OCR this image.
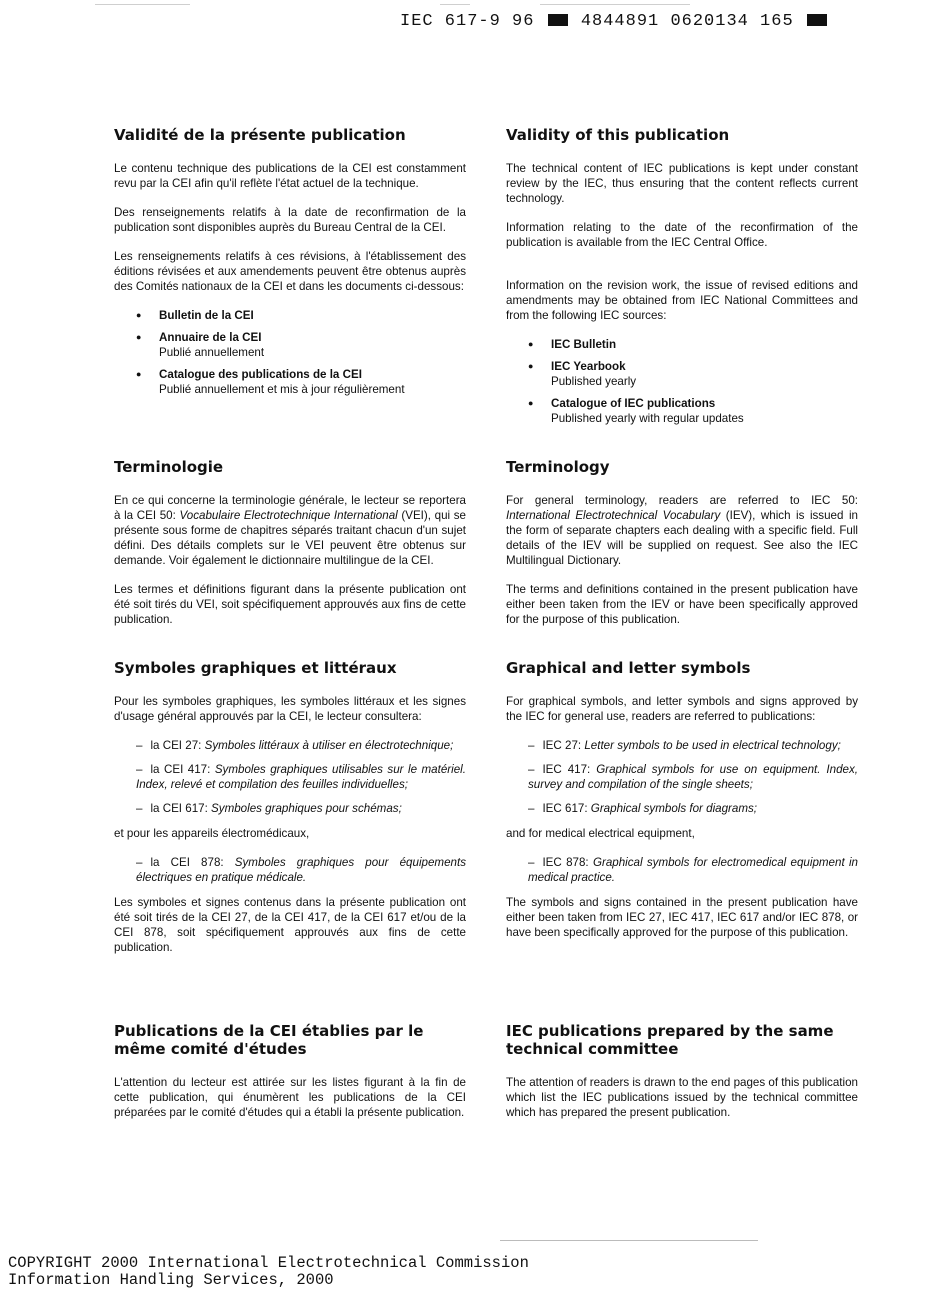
IEC 617-9 96	4844891 0620134 165
Validité de la présente publication

Le contenu technique des publications de la CEI est constamment revu par la CEI afin qu'il reflète l'état actuel de la technique.

Des renseignements relatifs à la date de reconfirmation de la publication sont disponibles auprès du Bureau Central de la CEI.

Les renseignements relatifs à ces révisions, à l'établissement des éditions révisées et aux amendements peuvent être obtenus auprès des Comités nationaux de la CEI et dans les documents ci-dessous:

● Bulletin de la CEI
● Annuaire de la CEI
Publié annuellement
● Catalogue des publications de la CEI
Publié annuellement et mis à jour régulièrement
Terminologie

En ce qui concerne la terminologie générale, le lecteur se reportera à la CEI 50: Vocabulaire Electrotechnique International (VEI), qui se présente sous forme de chapitres séparés traitant chacun d'un sujet défini. Des détails complets sur le VEI peuvent être obtenus sur demande. Voir également le dictionnaire multilingue de la CEI.

Les termes et définitions figurant dans la présente publication ont été soit tirés du VEI, soit spécifiquement approuvés aux fins de cette publication.

Symboles graphiques et littéraux

Pour les symboles graphiques, les symboles littéraux et les signes d'usage général approuvés par la CEI, le lecteur consultera:

– la CEI 27: Symboles littéraux à utiliser en électrotechnique;
– la CEI 417: Symboles graphiques utilisables sur le matériel. Index, relevé et compilation des feuilles individuelles;
– la CEI 617: Symboles graphiques pour schémas;

et pour les appareils électromédicaux,

– la CEI 878: Symboles graphiques pour équipements électriques en pratique médicale.

Les symboles et signes contenus dans la présente publication ont été soit tirés de la CEI 27, de la CEI 417, de la CEI 617 et/ou de la CEI 878, soit spécifiquement approuvés aux fins de cette publication.

Publications de la CEI établies par le même comité d'études

L'attention du lecteur est attirée sur les listes figurant à la fin de cette publication, qui énumèrent les publications de la CEI préparées par le comité d'études qui a établi la présente publication.

Validity of this publication

The technical content of IEC publications is kept under constant review by the IEC, thus ensuring that the content reflects current technology.

Information relating to the date of the reconfirmation of the publication is available from the IEC Central Office.

Information on the revision work, the issue of revised editions and amendments may be obtained from IEC National Committees and from the following IEC sources:

● IEC Bulletin
● IEC Yearbook
Published yearly
● Catalogue of IEC publications
Published yearly with regular updates
Terminology

For general terminology, readers are referred to IEC 50: International Electrotechnical Vocabulary (IEV), which is issued in the form of separate chapters each dealing with a specific field. Full details of the IEV will be supplied on request. See also the IEC Multilingual Dictionary.

The terms and definitions contained in the present publication have either been taken from the IEV or have been specifically approved for the purpose of this publication.

Graphical and letter symbols

For graphical symbols, and letter symbols and signs approved by the IEC for general use, readers are referred to publications:

– IEC 27: Letter symbols to be used in electrical technology;
– IEC 417: Graphical symbols for use on equipment. Index, survey and compilation of the single sheets;
– IEC 617: Graphical symbols for diagrams;

and for medical electrical equipment,

– IEC 878: Graphical symbols for electromedical equipment in medical practice.

The symbols and signs contained in the present publication have either been taken from IEC 27, IEC 417, IEC 617 and/or IEC 878, or have been specifically approved for the purpose of this publication.

IEC publications prepared by the same technical committee

The attention of readers is drawn to the end pages of this publication which list the IEC publications issued by the technical committee which has prepared the present publication.

COPYRIGHT 2000 International Electrotechnical Commission
Information Handling Services, 2000
